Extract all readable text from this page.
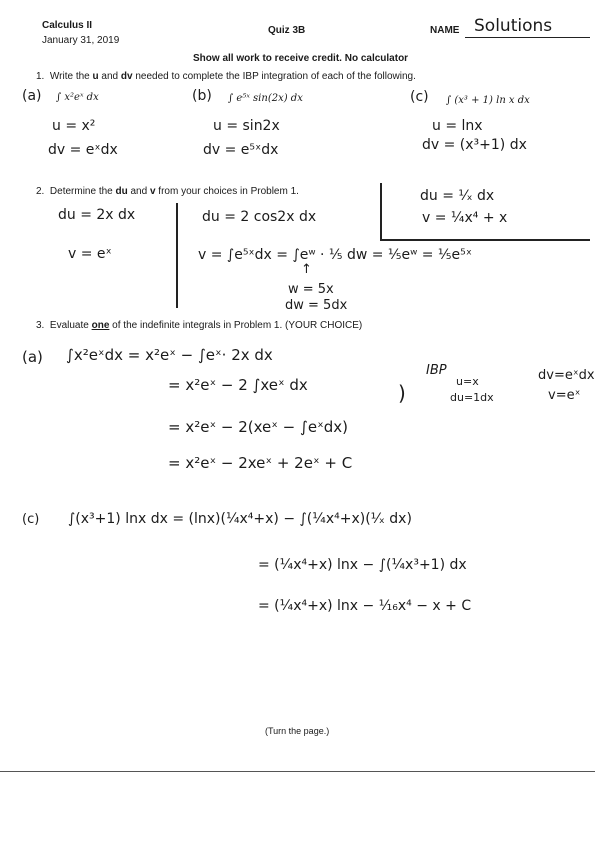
Calculus II
January 31, 2019
Quiz 3B	NAME Solutions
Show all work to receive credit. No calculator
1. Write the u and dv needed to complete the IBP integration of each of the following.
(a) ∫ x²eˣ dx
u = x²
dv = eˣdx
(b) ∫ e⁵ˣ sin(2x) dx
u = sin2x
dv = e⁵ˣdx
(c) ∫ (x³ + 1) ln x dx
u = lnx
dv = (x³+1) dx
2. Determine the du and v from your choices in Problem 1.
du = 2x dx
v = eˣ
du = 2 cos2x dx
v = ∫e⁵ˣdx = ∫eʷ · ⅕ dw = ⅕eʷ = ⅕e⁵ˣ
↑
w = 5x
dw = 5dx
du = ¹⁄ₓ dx
v = ¼x⁴ + x
3. Evaluate one of the indefinite integrals in Problem 1. (YOUR CHOICE)
(a) ∫x²eˣdx = x²eˣ − ∫eˣ· 2x dx
= x²eˣ − 2 ∫xeˣ dx
= x²eˣ − 2(xeˣ − ∫eˣdx)
= x²eˣ − 2xeˣ + 2eˣ + C
)
IBP
u=x
du=1dx
dv=eˣdx
v=eˣ
(c) ∫(x³+1) lnx dx = (lnx)(¼x⁴+x) − ∫(¼x⁴+x)(¹⁄ₓ dx)
= (¼x⁴+x) lnx − ∫(¼x³+1) dx
= (¼x⁴+x) lnx − ¹⁄₁₆x⁴ − x + C
(Turn the page.)
